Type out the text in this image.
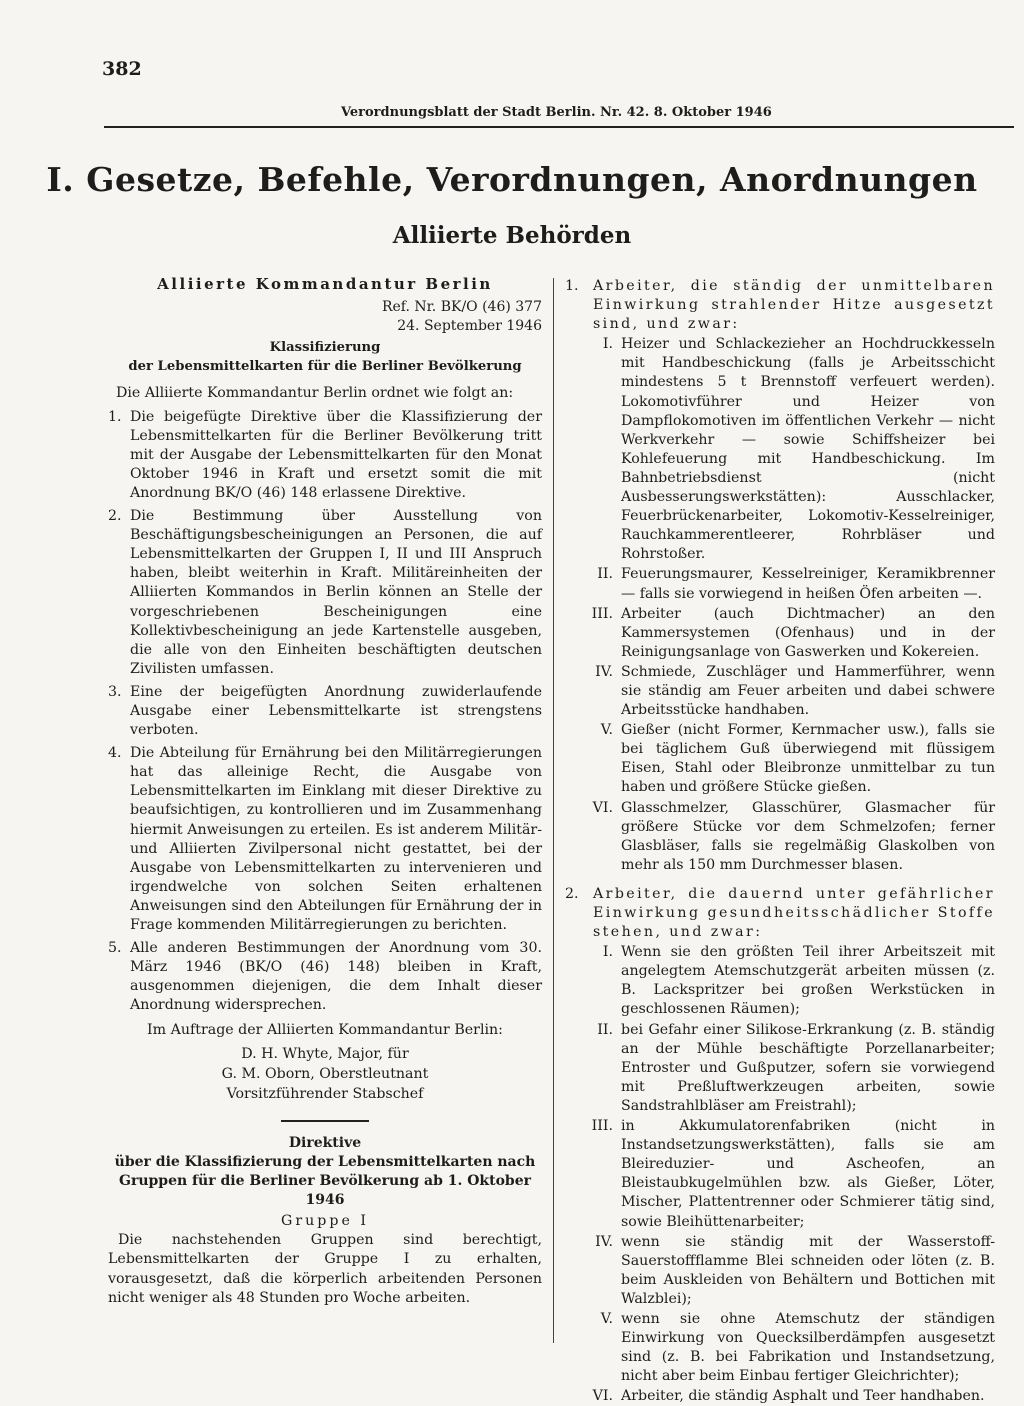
382
Verordnungsblatt der Stadt Berlin. Nr. 42. 8. Oktober 1946
I. Gesetze, Befehle, Verordnungen, Anordnungen
Alliierte Behörden

Alliierte Kommandantur Berlin

Ref. Nr. BK/O (46) 377

24. September 1946

Klassifizierung

der Lebensmittelkarten für die Berliner Bevölkerung

Die Alliierte Kommandantur Berlin ordnet wie folgt an:

1. Die beigefügte Direktive über die Klassifizierung der Lebensmittelkarten für die Berliner Bevölkerung tritt mit der Ausgabe der Lebensmittelkarten für den Monat Oktober 1946 in Kraft und ersetzt somit die mit Anordnung BK/O (46) 148 erlassene Direktive.
2. Die Bestimmung über Ausstellung von Beschäftigungsbescheinigungen an Personen, die auf Lebensmittelkarten der Gruppen I, II und III Anspruch haben, bleibt weiterhin in Kraft. Militäreinheiten der Alliierten Kommandos in Berlin können an Stelle der vorgeschriebenen Bescheinigungen eine Kollektivbescheinigung an jede Kartenstelle ausgeben, die alle von den Einheiten beschäftigten deutschen Zivilisten umfassen.
3. Eine der beigefügten Anordnung zuwiderlaufende Ausgabe einer Lebensmittelkarte ist strengstens verboten.
4. Die Abteilung für Ernährung bei den Militärregierungen hat das alleinige Recht, die Ausgabe von Lebensmittelkarten im Einklang mit dieser Direktive zu beaufsichtigen, zu kontrollieren und im Zusammenhang hiermit Anweisungen zu erteilen. Es ist anderem Militär- und Alliierten Zivilpersonal nicht gestattet, bei der Ausgabe von Lebensmittelkarten zu intervenieren und irgendwelche von solchen Seiten erhaltenen Anweisungen sind den Abteilungen für Ernährung der in Frage kommenden Militärregierungen zu berichten.
5. Alle anderen Bestimmungen der Anordnung vom 30. März 1946 (BK/O (46) 148) bleiben in Kraft, ausgenommen diejenigen, die dem Inhalt dieser Anordnung widersprechen.

Im Auftrage der Alliierten Kommandantur Berlin:

D. H. Whyte, Major, für

G. M. Oborn, Oberstleutnant

Vorsitzführender Stabschef

Direktive

über die Klassifizierung der Lebensmittelkarten nach Gruppen für die Berliner Bevölkerung ab 1. Oktober 1946

Gruppe I

Die nachstehenden Gruppen sind berechtigt, Lebensmittelkarten der Gruppe I zu erhalten, vorausgesetzt, daß die körperlich arbeitenden Personen nicht weniger als 48 Stunden pro Woche arbeiten.

1.	Arbeiter, die ständig der unmittelbaren Einwirkung strahlender Hitze ausgesetzt sind, und zwar:
I. Heizer und Schlackezieher an Hochdruckkesseln mit Handbeschickung (falls je Arbeitsschicht mindestens 5 t Brennstoff verfeuert werden). Lokomotivführer und Heizer von Dampflokomotiven im öffentlichen Verkehr — nicht Werkverkehr — sowie Schiffsheizer bei Kohlefeuerung mit Handbeschickung. Im Bahnbetriebsdienst (nicht Ausbesserungswerkstätten): Ausschlacker, Feuerbrückenarbeiter, Lokomotiv-Kesselreiniger, Rauchkammerentleerer, Rohrbläser und Rohrstoßer.
II. Feuerungsmaurer, Kesselreiniger, Keramikbrenner — falls sie vorwiegend in heißen Öfen arbeiten —.
III. Arbeiter (auch Dichtmacher) an den Kammersystemen (Ofenhaus) und in der Reinigungsanlage von Gaswerken und Kokereien.
IV. Schmiede, Zuschläger und Hammerführer, wenn sie ständig am Feuer arbeiten und dabei schwere Arbeitsstücke handhaben.
V. Gießer (nicht Former, Kernmacher usw.), falls sie bei täglichem Guß überwiegend mit flüssigem Eisen, Stahl oder Bleibronze unmittelbar zu tun haben und größere Stücke gießen.
VI. Glasschmelzer, Glasschürer, Glasmacher für größere Stücke vor dem Schmelzofen; ferner Glasbläser, falls sie regelmäßig Glaskolben von mehr als 150 mm Durchmesser blasen.
2.	Arbeiter, die dauernd unter gefährlicher Einwirkung gesundheitsschädlicher Stoffe stehen, und zwar:
I. Wenn sie den größten Teil ihrer Arbeitszeit mit angelegtem Atemschutzgerät arbeiten müssen (z. B. Lackspritzer bei großen Werkstücken in geschlossenen Räumen);
II. bei Gefahr einer Silikose-Erkrankung (z. B. ständig an der Mühle beschäftigte Porzellanarbeiter; Entroster und Gußputzer, sofern sie vorwiegend mit Preßluftwerkzeugen arbeiten, sowie Sandstrahlbläser am Freistrahl);
III. in Akkumulatorenfabriken (nicht in Instandsetzungswerkstätten), falls sie am Bleireduzier- und Ascheofen, an Bleistaubkugelmühlen bzw. als Gießer, Löter, Mischer, Plattentrenner oder Schmierer tätig sind, sowie Bleihüttenarbeiter;
IV. wenn sie ständig mit der Wasserstoff-Sauerstoffflamme Blei schneiden oder löten (z. B. beim Auskleiden von Behältern und Bottichen mit Walzblei);
V. wenn sie ohne Atemschutz der ständigen Einwirkung von Quecksilberdämpfen ausgesetzt sind (z. B. bei Fabrikation und Instandsetzung, nicht aber beim Einbau fertiger Gleichrichter);
VI. Arbeiter, die ständig Asphalt und Teer handhaben.
